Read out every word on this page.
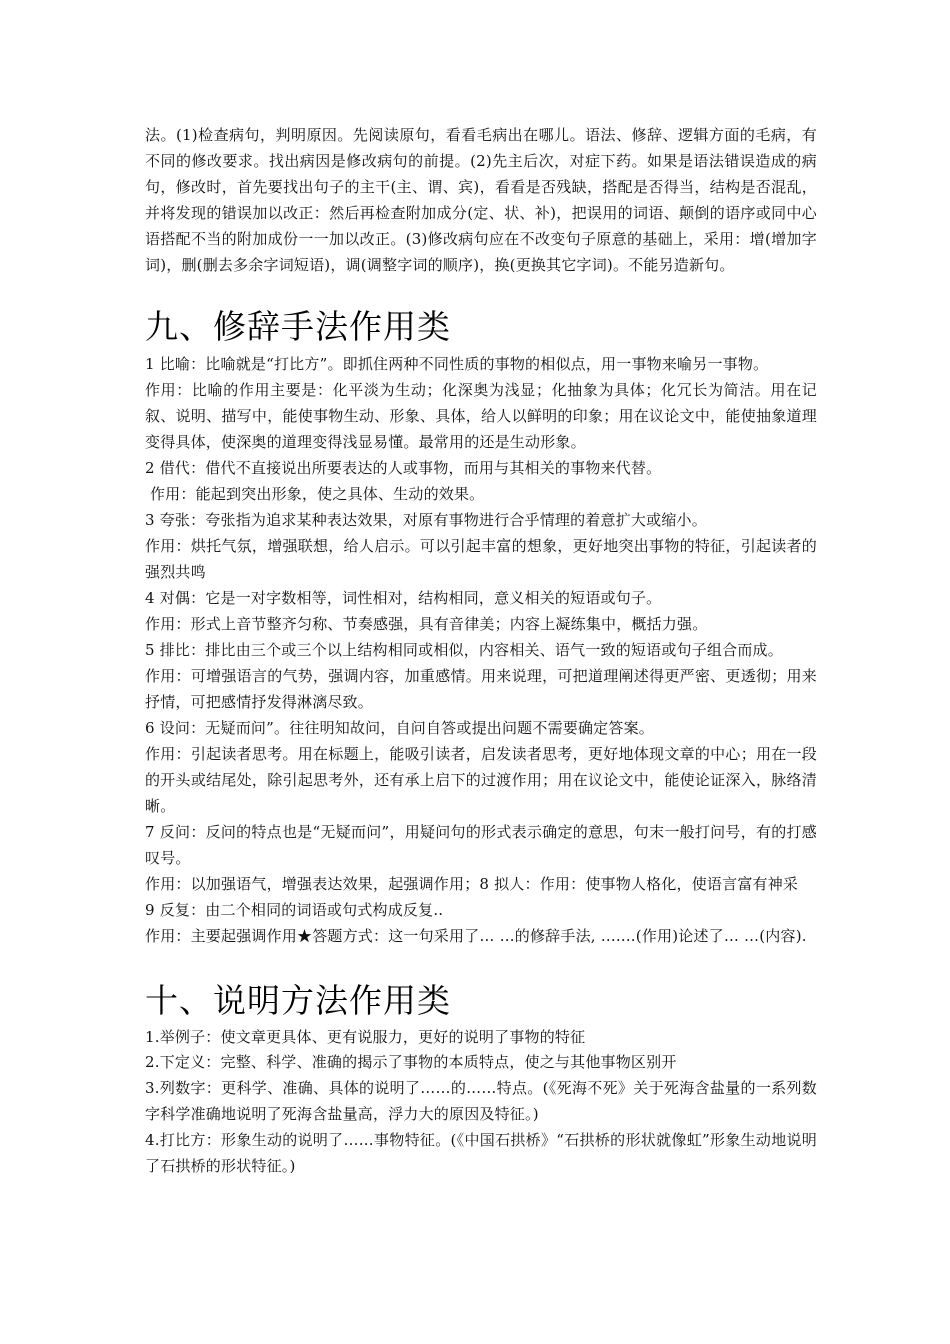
法。(1)检查病句，判明原因。先阅读原句，看看毛病出在哪儿。语法、修辞、逻辑方面的毛病，有不同的修改要求。找出病因是修改病句的前提。(2)先主后次，对症下药。如果是语法错误造成的病句，修改时，首先要找出句子的主干(主、谓、宾)，看看是否残缺，搭配是否得当，结构是否混乱，并将发现的错误加以改正：然后再检查附加成分(定、状、补)，把误用的词语、颠倒的语序或同中心语搭配不当的附加成份一一加以改正。(3)修改病句应在不改变句子原意的基础上，采用：增(增加字词)，删(删去多余字词短语)，调(调整字词的顺序)，换(更换其它字词)。不能另造新句。

九、修辞手法作用类

1 比喻：比喻就是“打比方”。即抓住两种不同性质的事物的相似点，用一事物来喻另一事物。

作用：比喻的作用主要是：化平淡为生动；化深奥为浅显；化抽象为具体；化冗长为简洁。用在记叙、说明、描写中，能使事物生动、形象、具体，给人以鲜明的印象；用在议论文中，能使抽象道理变得具体，使深奥的道理变得浅显易懂。最常用的还是生动形象。

2 借代：借代不直接说出所要表达的人或事物，而用与其相关的事物来代替。

作用：能起到突出形象，使之具体、生动的效果。

3 夸张：夸张指为追求某种表达效果，对原有事物进行合乎情理的着意扩大或缩小。

作用：烘托气氛，增强联想，给人启示。可以引起丰富的想象，更好地突出事物的特征，引起读者的强烈共鸣

4 对偶：它是一对字数相等，词性相对，结构相同，意义相关的短语或句子。

作用：形式上音节整齐匀称、节奏感强，具有音律美；内容上凝练集中，概括力强。

5 排比：排比由三个或三个以上结构相同或相似，内容相关、语气一致的短语或句子组合而成。

作用：可增强语言的气势，强调内容，加重感情。用来说理，可把道理阐述得更严密、更透彻；用来抒情，可把感情抒发得淋漓尽致。

6 设问：无疑而问”。往往明知故问，自问自答或提出问题不需要确定答案。

作用：引起读者思考。用在标题上，能吸引读者，启发读者思考，更好地体现文章的中心；用在一段的开头或结尾处，除引起思考外，还有承上启下的过渡作用；用在议论文中，能使论证深入，脉络清晰。

7 反问：反问的特点也是“无疑而问”，用疑问句的形式表示确定的意思，句末一般打问号，有的打感叹号。

作用：以加强语气，增强表达效果，起强调作用；8 拟人：作用：使事物人格化，使语言富有神采

9 反复：由二个相同的词语或句式构成反复..

作用：主要起强调作用★答题方式：这一句采用了… …的修辞手法, …....(作用)论述了… …(内容).

十、说明方法作用类

1.举例子：使文章更具体、更有说服力，更好的说明了事物的特征

2.下定义：完整、科学、准确的揭示了事物的本质特点，使之与其他事物区别开

3.列数字：更科学、准确、具体的说明了……的……特点。(《死海不死》关于死海含盐量的一系列数字科学准确地说明了死海含盐量高，浮力大的原因及特征。)

4.打比方：形象生动的说明了……事物特征。(《中国石拱桥》“石拱桥的形状就像虹”形象生动地说明了石拱桥的形状特征。)
